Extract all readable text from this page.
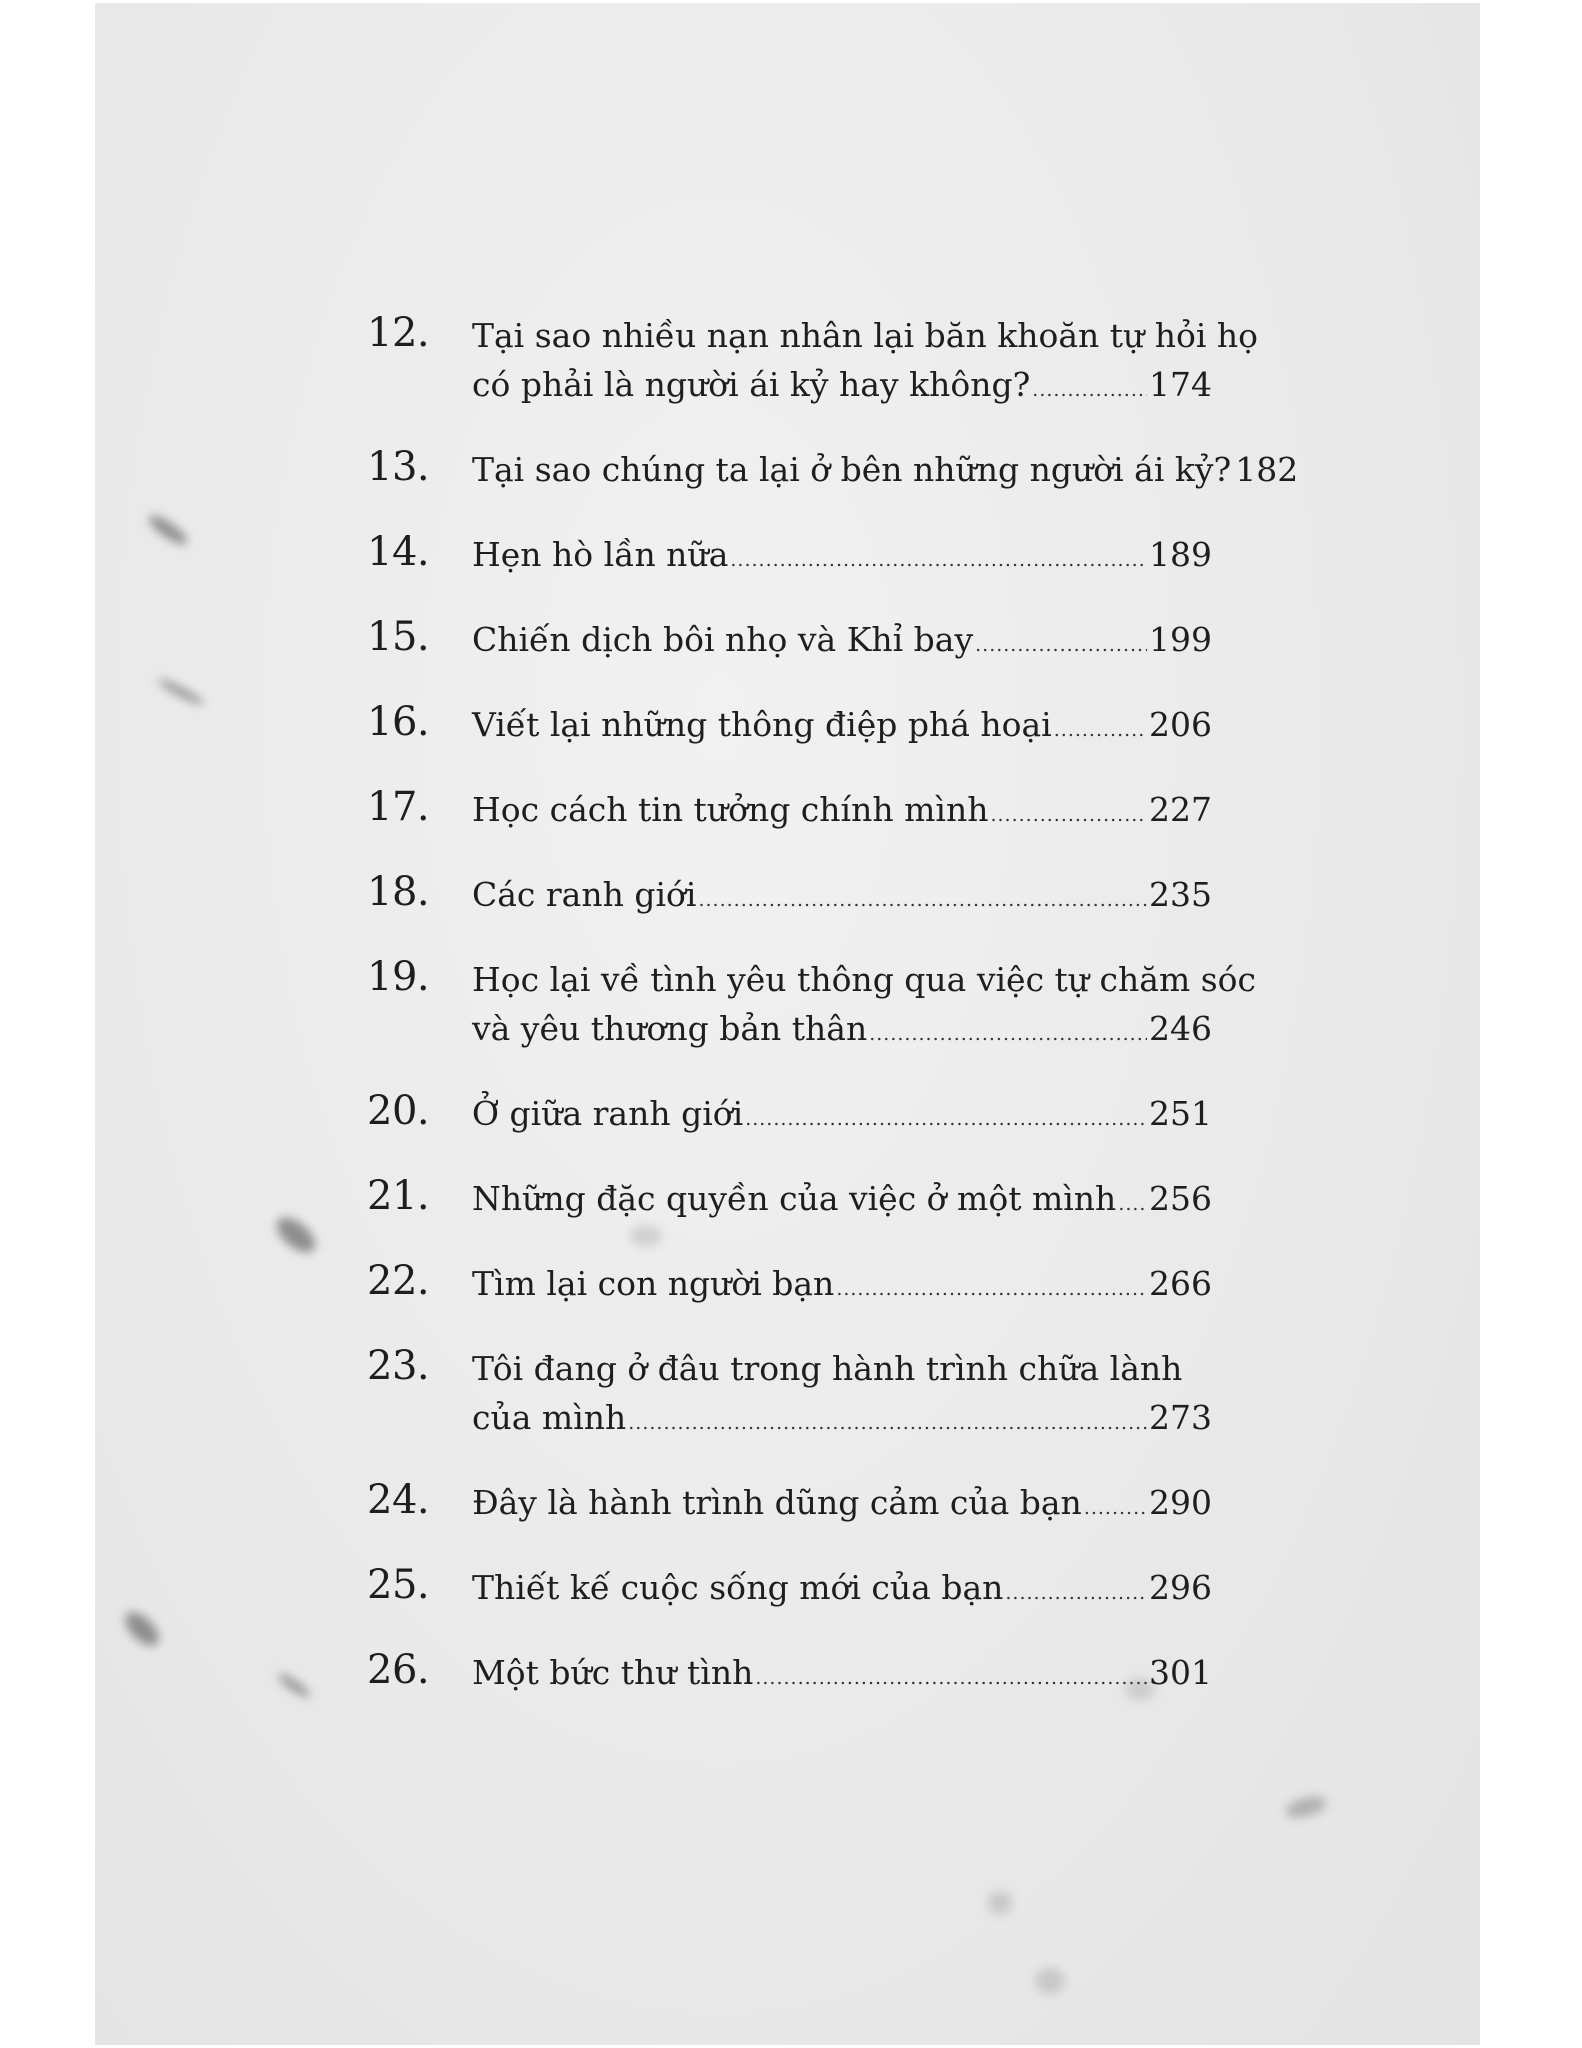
12. Tại sao nhiều nạn nhân lại băn khoăn tự hỏi họ
có phải là người ái kỷ hay không? .....	174
13. Tại sao chúng ta lại ở bên những người ái kỷ? 182
14. Hẹn hò lần nữa .....	189
15. Chiến dịch bôi nhọ và Khỉ bay .....	199
16. Viết lại những thông điệp phá hoại .....	206
17. Học cách tin tưởng chính mình .....	227
18. Các ranh giới .....	235
19. Học lại về tình yêu thông qua việc tự chăm sóc
và yêu thương bản thân .....	246
20. Ở giữa ranh giới .....	251
21. Những đặc quyền của việc ở một mình ..... 256
22. Tìm lại con người bạn .....	266
23. Tôi đang ở đâu trong hành trình chữa lành
của mình .....	273
24. Đây là hành trình dũng cảm của bạn ..... 290
25. Thiết kế cuộc sống mới của bạn .....	296
26. Một bức thư tình .....	301
